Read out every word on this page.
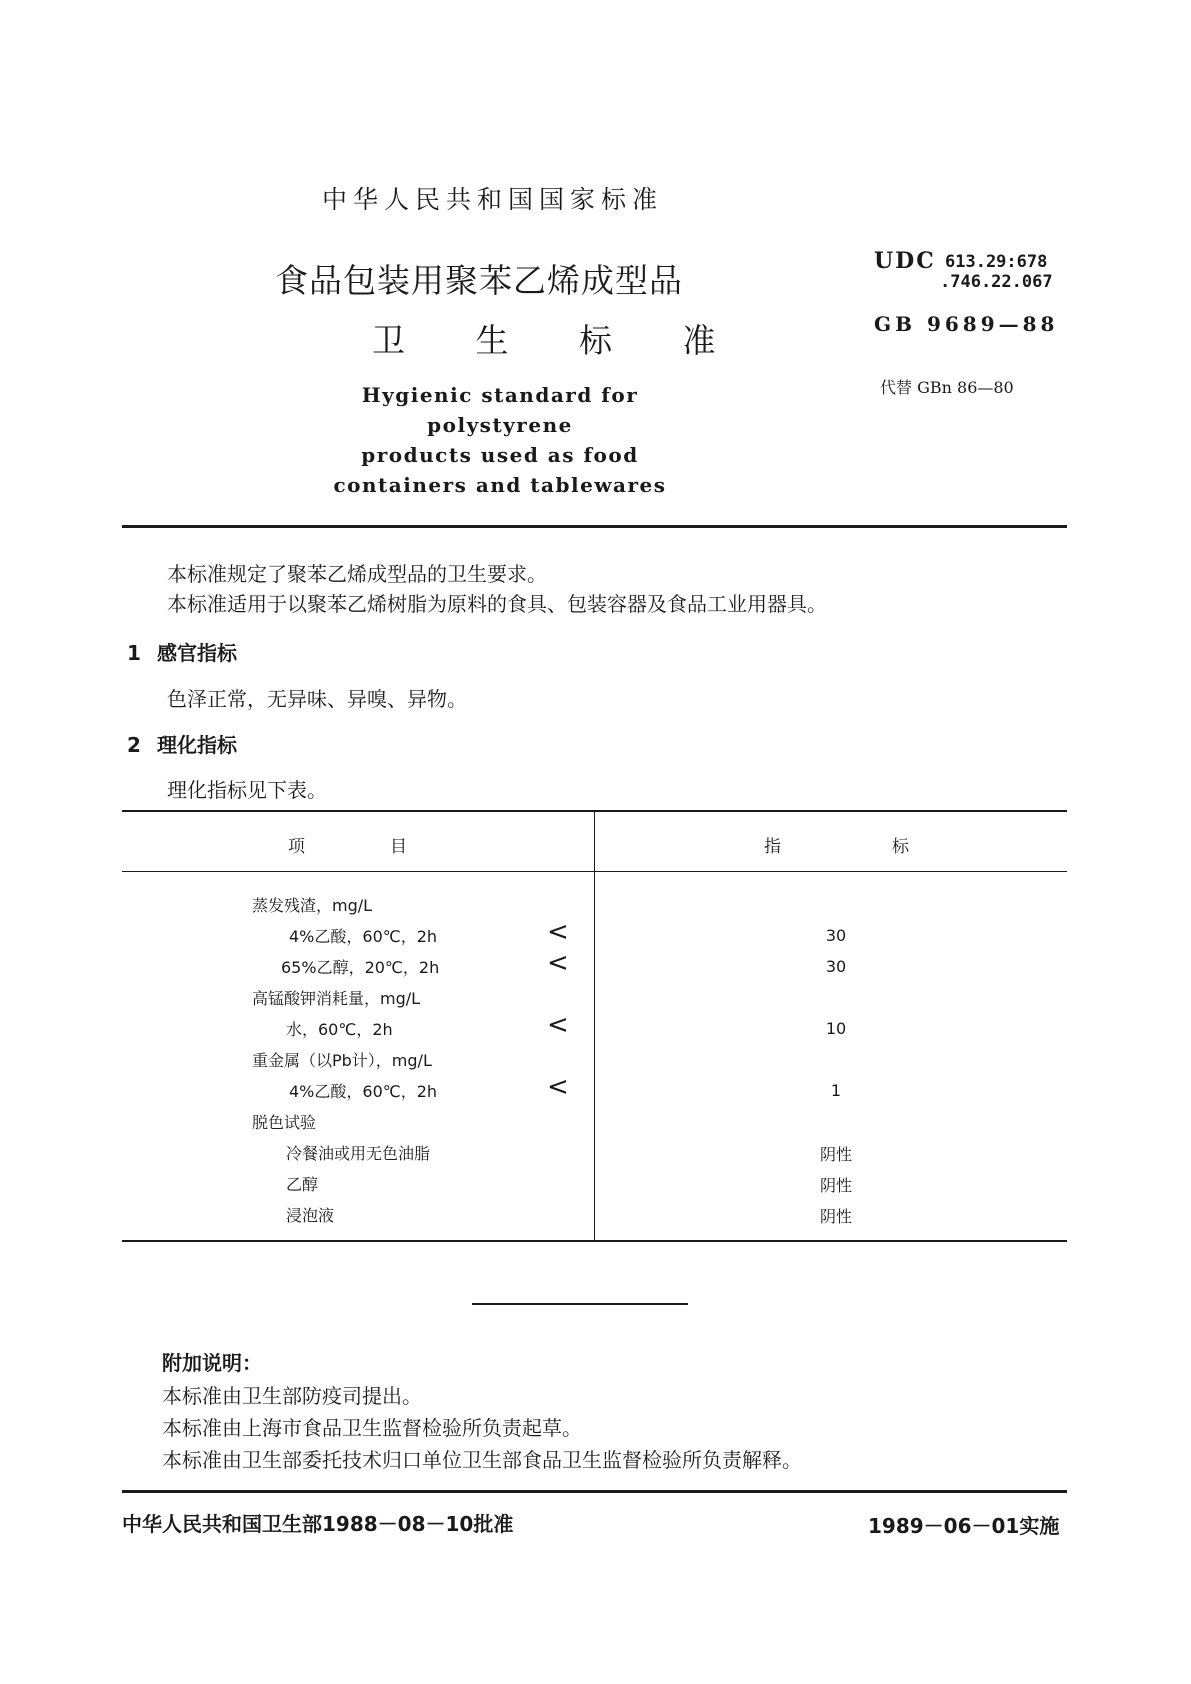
中华人民共和国国家标准
食品包装用聚苯乙烯成型品
卫 生 标 准
Hygienic standard for polystyrene
products used as food
containers and tablewares
UDC 613.29:678
.746.22.067
GB 9689—88
代替 GBn 86—80
本标准规定了聚苯乙烯成型品的卫生要求。
本标准适用于以聚苯乙烯树脂为原料的食具、包装容器及食品工业用器具。
1 感官指标
色泽正常，无异味、异嗅、异物。
2 理化指标
理化指标见下表。
项　　　　　目	指	标
蒸发残渣，mg/L
4%乙酸，60℃，2h	<	30
65%乙醇，20℃，2h	<	30
高锰酸钾消耗量，mg/L
水，60℃，2h	<	10
重金属（以Pb计），mg/L
4%乙酸，60℃，2h	<	1
脱色试验
冷餐油或用无色油脂	阴性
乙醇	阴性
浸泡液	阴性
附加说明：
本标准由卫生部防疫司提出。
本标准由上海市食品卫生监督检验所负责起草。
本标准由卫生部委托技术归口单位卫生部食品卫生监督检验所负责解释。
中华人民共和国卫生部1988－08－10批准	1989－06－01实施
